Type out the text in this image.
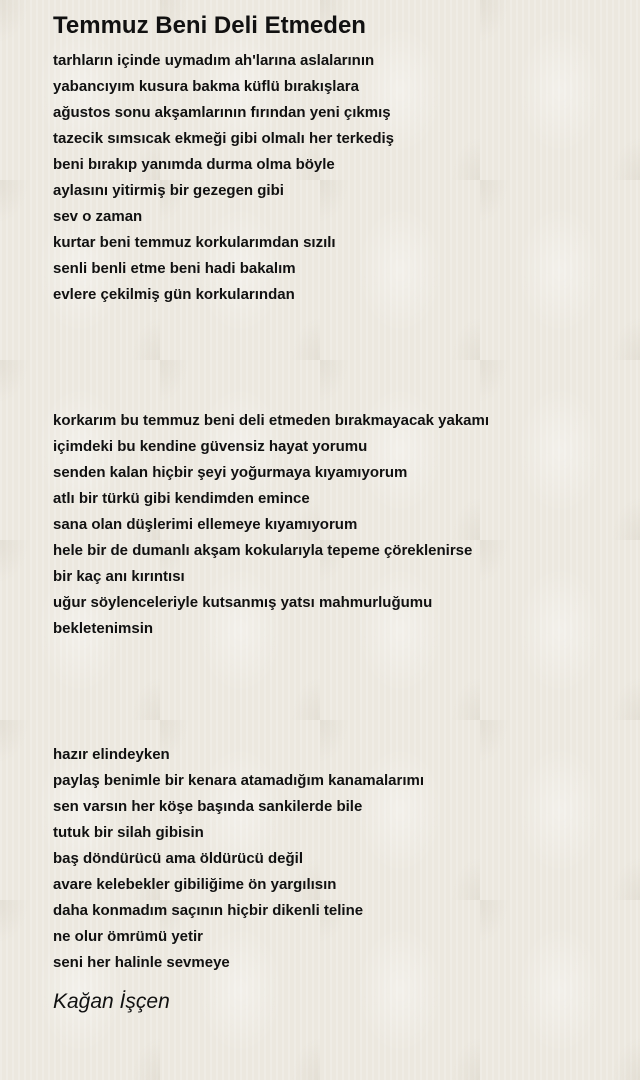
Temmuz Beni Deli Etmeden
tarhların içinde uymadım ah'larına aslalarının
yabancıyım kusura bakma küflü bırakışlara
ağustos sonu akşamlarının fırından yeni çıkmış
tazecik sımsıcak ekmeği gibi olmalı her terkediş
beni bırakıp yanımda durma olma böyle
aylasını yitirmiş bir gezegen gibi
sev o zaman
kurtar beni temmuz korkularımdan sızılı
senli benli etme beni hadi bakalım
evlere çekilmiş gün korkularından
korkarım bu temmuz beni deli etmeden bırakmayacak yakamı
içimdeki bu kendine güvensiz hayat yorumu
senden kalan hiçbir şeyi yoğurmaya kıyamıyorum
atlı bir türkü gibi kendimden emince
sana olan düşlerimi ellemeye kıyamıyorum
hele bir de dumanlı akşam kokularıyla tepeme çöreklenirse
bir kaç anı kırıntısı
uğur söylenceleriyle kutsanmış yatsı mahmurluğumu
bekletenimsin
hazır elindeyken
paylaş benimle bir kenara atamadığım kanamalarımı
sen varsın her köşe başında sankilerde bile
tutuk bir silah gibisin
baş döndürücü ama öldürücü değil
avare kelebekler gibiliğime ön yargılısın
daha konmadım saçının hiçbir dikenli teline
ne olur ömrümü yetir
seni her halinle sevmeye
Kağan İşçen
